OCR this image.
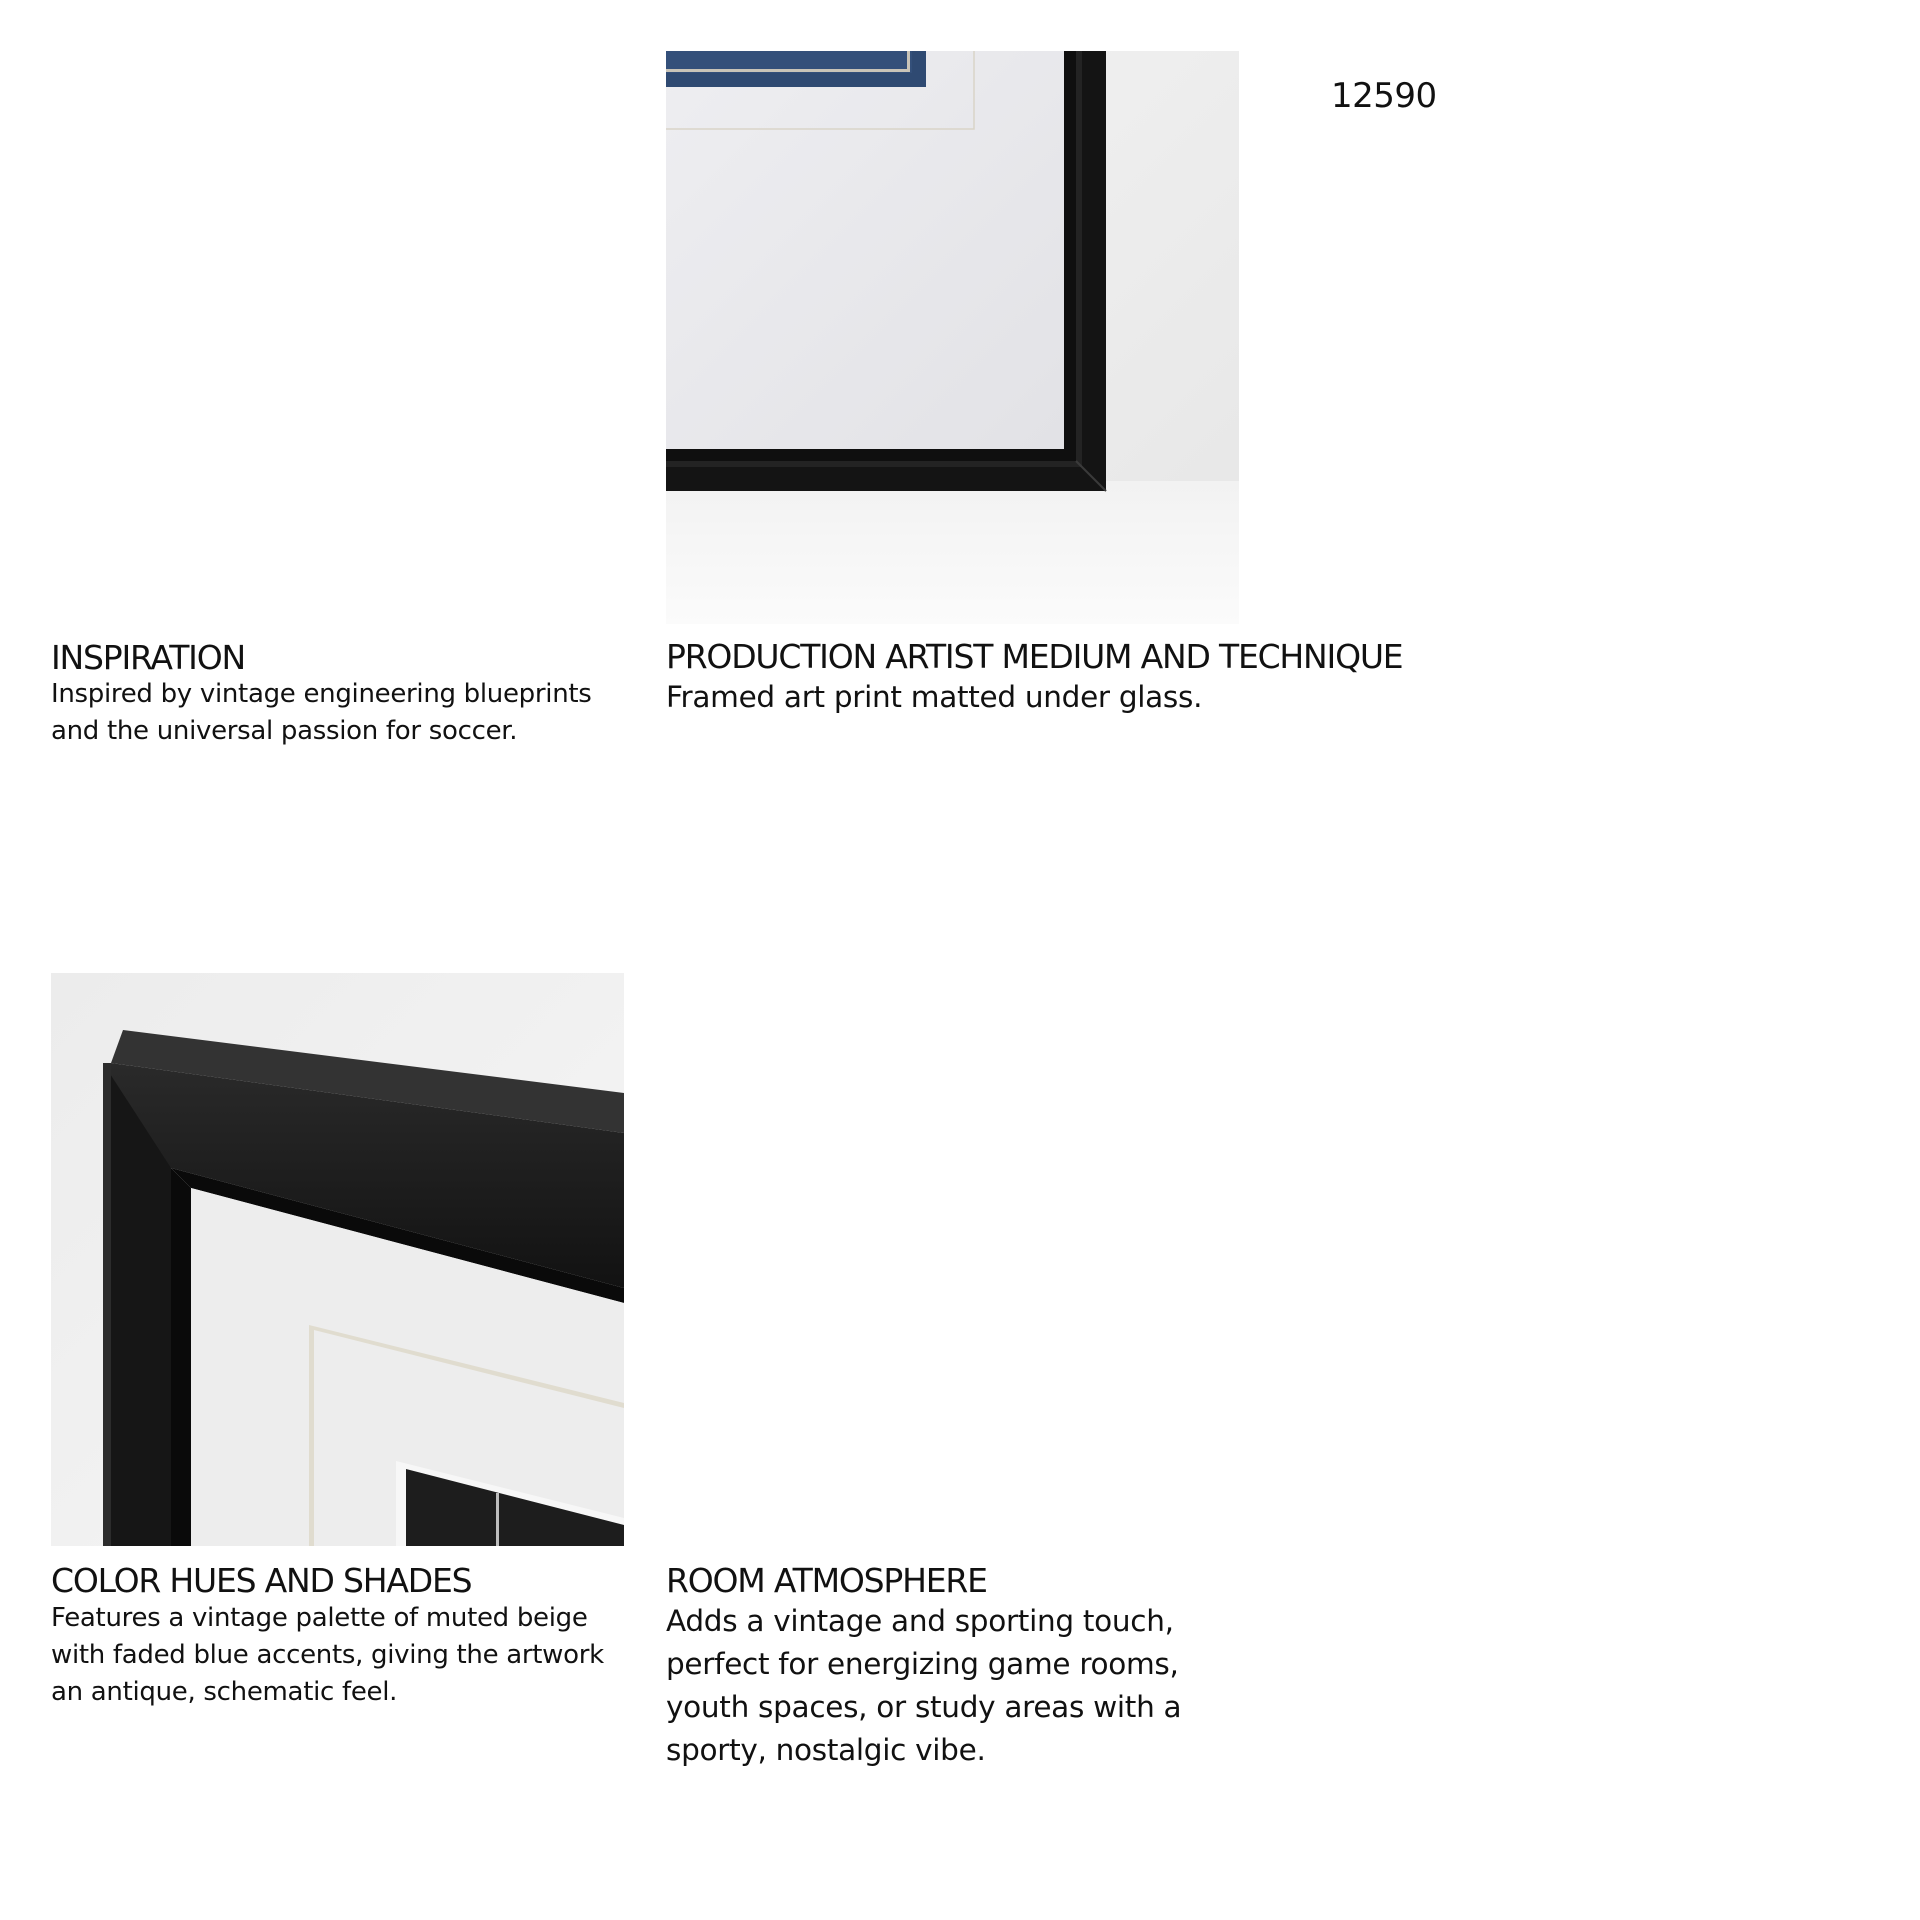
12590
INSPIRATION

Inspired by vintage engineering blueprints and the universal passion for soccer.

PRODUCTION ARTIST MEDIUM AND TECHNIQUE

Framed art print matted under glass.

COLOR HUES AND SHADES

Features a vintage palette of muted beige with faded blue accents, giving the artwork an antique, schematic feel.

ROOM ATMOSPHERE

Adds a vintage and sporting touch, perfect for energizing game rooms, youth spaces, or study areas with a sporty, nostalgic vibe.
